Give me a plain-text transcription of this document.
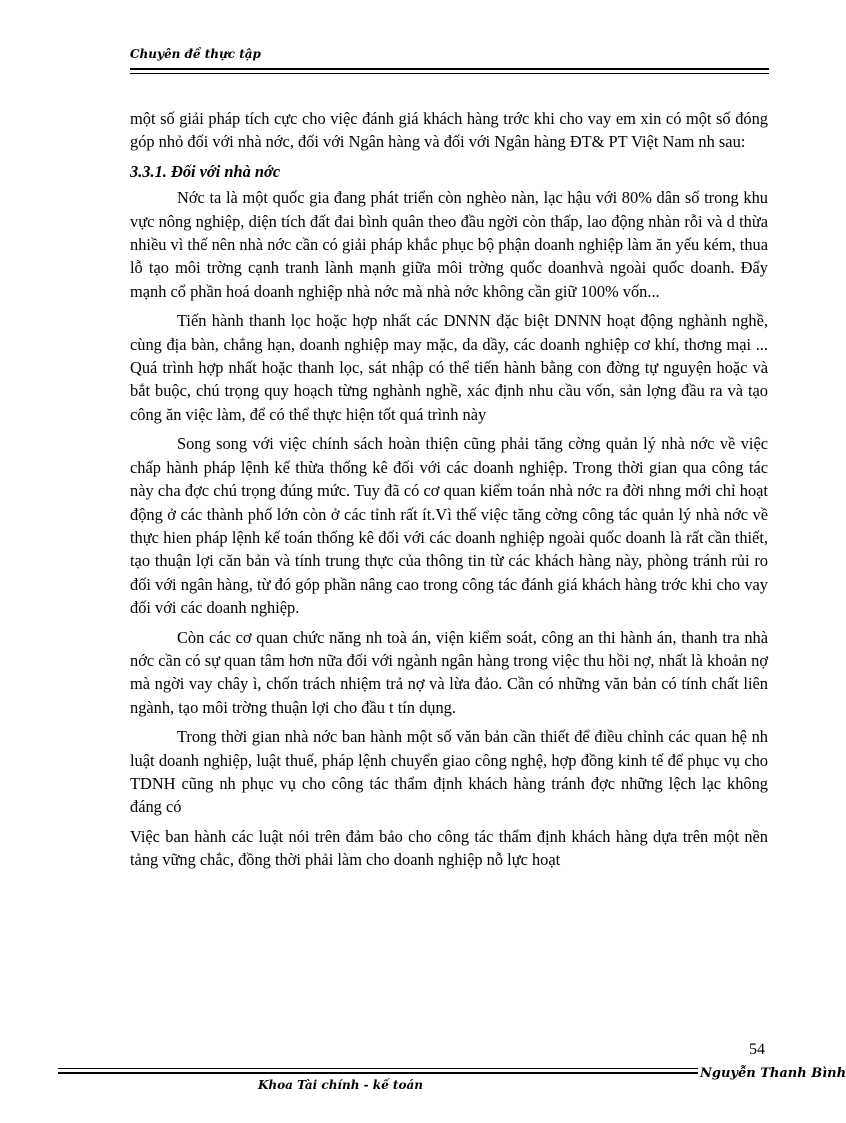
Chuyên đề thực tập

một số giải pháp tích cực cho việc đánh giá khách hàng trớc khi cho vay em xin có một số đóng góp nhỏ đối với nhà nớc, đối với Ngân hàng và đối với Ngân hàng ĐT& PT Việt Nam nh sau:

3.3.1. Đối với nhà nớc

Nớc ta là một quốc gia đang phát triển còn nghèo nàn, lạc hậu với 80% dân số trong khu vực nông nghiệp, diện tích đất đai bình quân theo đầu ngời còn thấp, lao động nhàn rỗi và d thừa nhiều vì thế nên nhà nớc cần có giải pháp khắc phục bộ phận doanh nghiệp làm ăn yếu kém, thua lỗ tạo môi trờng cạnh tranh lành mạnh giữa môi trờng quốc doanhvà ngoài quốc doanh. Đẩy mạnh cổ phần hoá doanh nghiệp nhà nớc mà nhà nớc không cần giữ 100% vốn...

Tiến hành thanh lọc hoặc hợp nhất các DNNN đặc biệt DNNN hoạt động nghành nghề, cùng địa bàn, chẳng hạn, doanh nghiệp may mặc, da dầy, các doanh nghiệp cơ khí, thơng mại ... Quá trình hợp nhất hoặc thanh lọc, sát nhập có thể tiến hành bằng con đờng tự nguyện hoặc và bắt buộc, chú trọng quy hoạch từng nghành nghề, xác định nhu cầu vốn, sản lợng đầu ra và tạo công ăn việc làm, để có thể thực hiện tốt quá trình này

Song song với việc chính sách hoàn thiện cũng phải tăng cờng quản lý nhà nớc về việc chấp hành pháp lệnh kế thừa thống kê đối với các doanh nghiệp. Trong thời gian qua công tác này cha đợc chú trọng đúng mức. Tuy đã có cơ quan kiểm toán nhà nớc ra đời nhng mới chỉ hoạt động ở các thành phố lớn còn ở các tỉnh rất ít.Vì thế việc tăng cờng công tác quản lý nhà nớc về thực hien pháp lệnh kế toán thống kê đối với các doanh nghiệp ngoài quốc doanh là rất cần thiết, tạo thuận lợi căn bản và tính trung thực của thông tin từ các khách hàng này, phòng tránh rủi ro đối với ngân hàng, từ đó góp phần nâng cao trong công tác đánh giá khách hàng trớc khi cho vay đối với các doanh nghiệp.

Còn các cơ quan chức năng nh toà án, viện kiểm soát, công an thi hành án, thanh tra nhà nớc cần có sự quan tâm hơn nữa đối với ngành ngân hàng trong việc thu hồi nợ, nhất là khoản nợ mà ngời vay chây ì, chốn trách nhiệm trả nợ và lừa đảo. Cần có những văn bản có tính chất liên ngành, tạo môi trờng thuận lợi cho đầu t tín dụng.

Trong thời gian nhà nớc ban hành một số văn bản cần thiết để điều chỉnh các quan hệ nh luật doanh nghiệp, luật thuế, pháp lệnh chuyển giao công nghệ, hợp đồng kinh tế để phục vụ cho TDNH cũng nh phục vụ cho công tác thẩm định khách hàng tránh đợc những lệch lạc không đáng có

Việc ban hành các luật nói trên đảm bảo cho công tác thẩm định khách hàng dựa trên một nền tảng vững chắc, đồng thời phải làm cho doanh nghiệp nỗ lực hoạt

54
Nguyễn Thanh Bình
Khoa Tài chính - kế toán
